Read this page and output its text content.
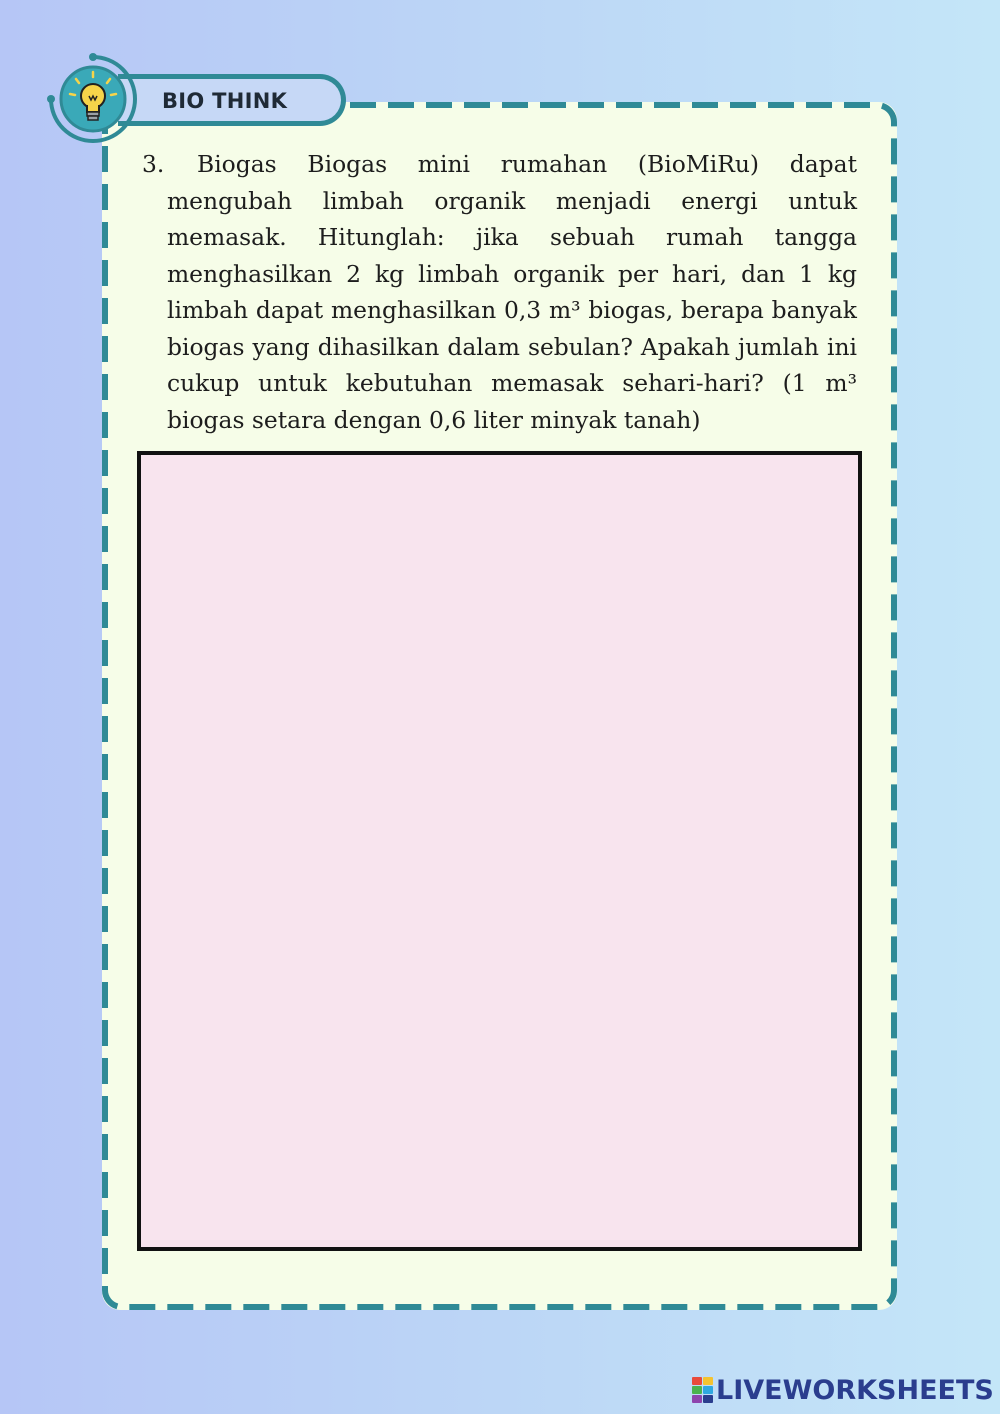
BIO THINK
3.	Biogas Biogas mini rumahan (BioMiRu) dapat mengubah limbah organik menjadi energi untuk memasak. Hitunglah: jika sebuah rumah tangga menghasilkan 2 kg limbah organik per hari, dan 1 kg limbah dapat menghasilkan 0,3 m³ biogas, berapa banyak biogas yang dihasilkan dalam sebulan? Apakah jumlah ini cukup untuk kebutuhan memasak sehari-hari? (1 m³ biogas setara dengan 0,6 liter minyak tanah)
LIVEWORKSHEETS
